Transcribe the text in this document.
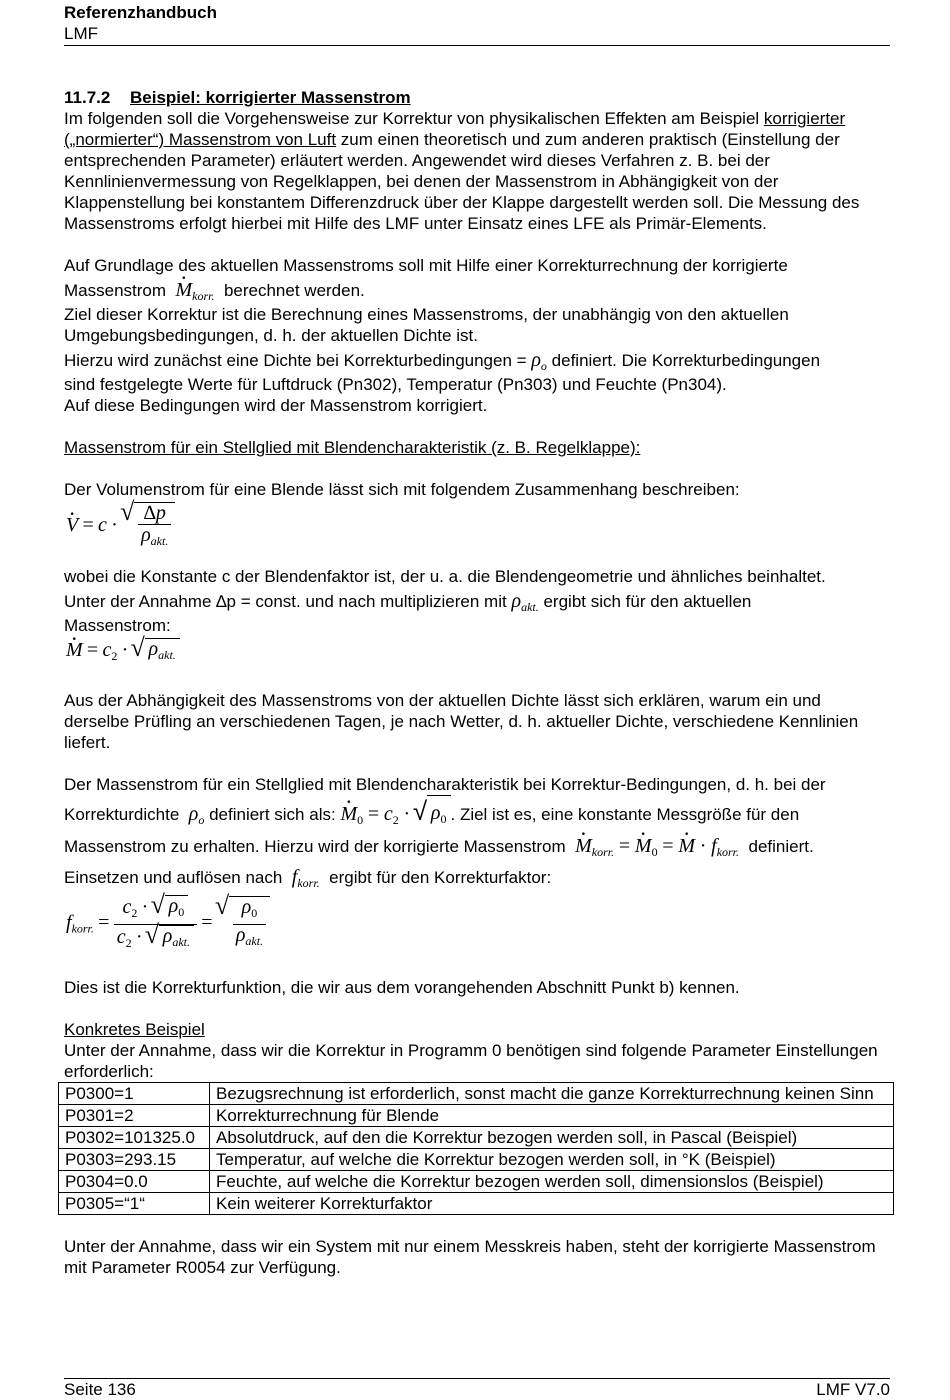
Referenzhandbuch
LMF

11.7.2 Beispiel: korrigierter Massenstrom

Im folgenden soll die Vorgehensweise zur Korrektur von physikalischen Effekten am Beispiel korrigierter („normierter“) Massenstrom von Luft zum einen theoretisch und zum anderen praktisch (Einstellung der entsprechenden Parameter) erläutert werden. Angewendet wird dieses Verfahren z. B. bei der Kennlinienvermessung von Regelklappen, bei denen der Massenstrom in Abhängigkeit von der Klappenstellung bei konstantem Differenzdruck über der Klappe dargestellt werden soll. Die Messung des Massenstroms erfolgt hierbei mit Hilfe des LMF unter Einsatz eines LFE als Primär-Elements.

Auf Grundlage des aktuellen Massenstroms soll mit Hilfe einer Korrekturrechnung der korrigierte

Massenstrom · $M_{korr.}$ berechnet werden.

Ziel dieser Korrektur ist die Berechnung eines Massenstroms, der unabhängig von den aktuellen Umgebungsbedingungen, d. h. der aktuellen Dichte ist.

Hierzu wird zunächst eine Dichte bei Korrekturbedingungen = $\rho_o$ definiert. Die Korrekturbedingungen

sind festgelegte Werte für Luftdruck (Pn302), Temperatur (Pn303) und Feuchte (Pn304).

Auf diese Bedingungen wird der Massenstrom korrigiert.

Massenstrom für ein Stellglied mit Blendencharakteristik (z. B. Regelklappe):

Der Volumenstrom für eine Blende lässt sich mit folgendem Zusammenhang beschreiben:

· V = c · √ $\frac{\Delta p}{\rho_{akt.}}$

wobei die Konstante c der Blendenfaktor ist, der u. a. die Blendengeometrie und ähnliches beinhaltet.

Unter der Annahme ∆p = const. und nach multiplizieren mit $\rho_{akt.}$ ergibt sich für den aktuellen

Massenstrom:

· $M = c_2$ · √ $\rho_{akt.}$

Aus der Abhängigkeit des Massenstroms von der aktuellen Dichte lässt sich erklären, warum ein und derselbe Prüfling an verschiedenen Tagen, je nach Wetter, d. h. aktueller Dichte, verschiedene Kennlinien liefert.

Der Massenstrom für ein Stellglied mit Blendencharakteristik bei Korrektur-Bedingungen, d. h. bei der

Korrekturdichte $\rho_o$ definiert sich als: · $M_0 = c_2$ · √ $\rho_0$ . Ziel ist es, eine konstante Messgröße für den

Massenstrom zu erhalten. Hierzu wird der korrigierte Massenstrom · $M_{korr.}$ = · $M_0$ = · $M \cdot f_{korr.}$ definiert.

Einsetzen und auflösen nach $f_{korr.}$ ergibt für den Korrekturfaktor:

$f_{korr.} = \frac{c_2 \cdot √ \rho_0}{c_2 \cdot √ \rho_{akt.}}$ = √ $\frac{\rho_0}{\rho_{akt.}}$

Dies ist die Korrekturfunktion, die wir aus dem vorangehenden Abschnitt Punkt b) kennen.

Konkretes Beispiel

Unter der Annahme, dass wir die Korrektur in Programm 0 benötigen sind folgende Parameter Einstellungen erforderlich:

P0300=1	Bezugsrechnung ist erforderlich, sonst macht die ganze Korrekturrechnung keinen Sinn
P0301=2	Korrekturrechnung für Blende
P0302=101325.0	Absolutdruck, auf den die Korrektur bezogen werden soll, in Pascal (Beispiel)
P0303=293.15	Temperatur, auf welche die Korrektur bezogen werden soll, in °K (Beispiel)
P0304=0.0	Feuchte, auf welche die Korrektur bezogen werden soll, dimensionslos (Beispiel)
P0305=“1“	Kein weiterer Korrekturfaktor

Unter der Annahme, dass wir ein System mit nur einem Messkreis haben, steht der korrigierte Massenstrom mit Parameter R0054 zur Verfügung.

Seite 136	LMF V7.0
